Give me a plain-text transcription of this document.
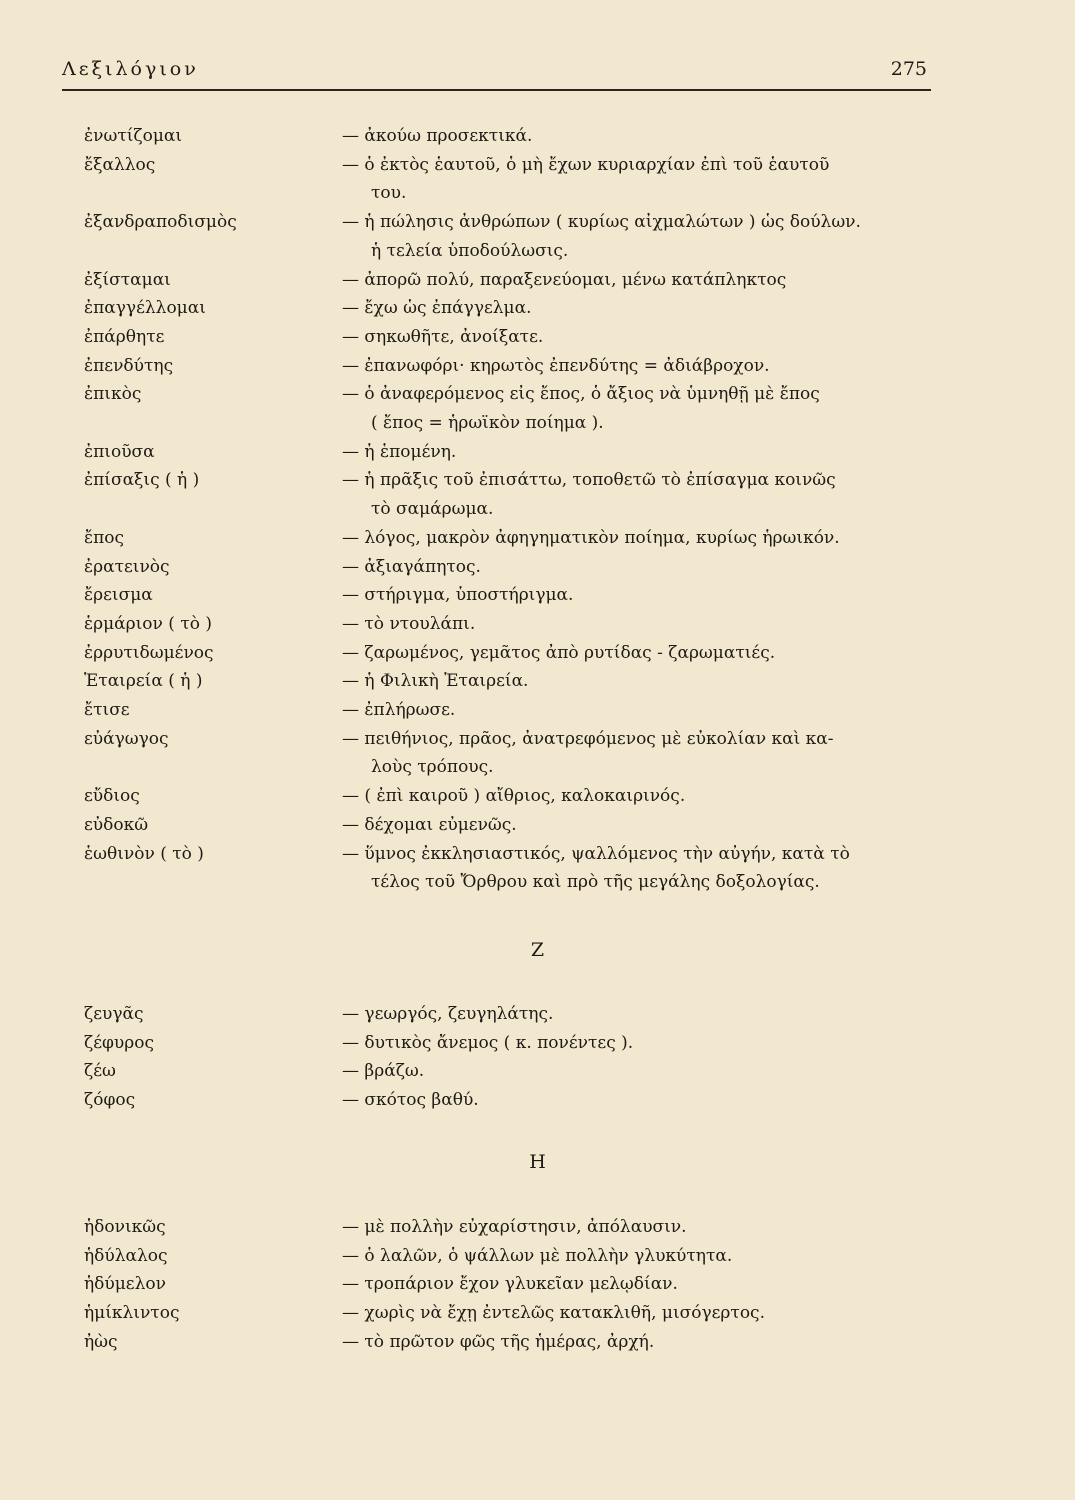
Λεξιλόγιον	275
ἐνωτίζομαι	— ἀκούω προσεκτικά.
ἔξαλλος	— ὁ ἐκτὸς ἑαυτοῦ, ὁ μὴ ἔχων κυριαρχίαν ἐπὶ τοῦ ἑαυτοῦ
του.
ἐξανδραποδισμὸς	— ἡ πώλησις ἀνθρώπων ( κυρίως αἰχμαλώτων ) ὡς δούλων.
ἡ τελεία ὑποδούλωσις.
ἐξίσταμαι	— ἀπορῶ πολύ, παραξενεύομαι, μένω κατάπληκτος
ἐπαγγέλλομαι	— ἔχω ὡς ἐπάγγελμα.
ἐπάρθητε	— σηκωθῆτε, ἀνοίξατε.
ἐπενδύτης	— ἐπανωφόρι· κηρωτὸς ἐπενδύτης = ἀδιάβροχον.
ἐπικὸς	— ὁ ἀναφερόμενος εἰς ἔπος, ὁ ἄξιος νὰ ὑμνηθῇ μὲ ἔπος
( ἔπος = ἡρωϊκὸν ποίημα ).
ἐπιοῦσα	— ἡ ἑπομένη.
ἐπίσαξις ( ἡ )	— ἡ πρᾶξις τοῦ ἐπισάττω, τοποθετῶ τὸ ἐπίσαγμα κοινῶς
τὸ σαμάρωμα.
ἔπος	— λόγος, μακρὸν ἀφηγηματικὸν ποίημα, κυρίως ἡρωικόν.
ἐρατεινὸς	— ἀξιαγάπητος.
ἔρεισμα	— στήριγμα, ὑποστήριγμα.
ἑρμάριον ( τὸ )	— τὸ ντουλάπι.
ἐρρυτιδωμένος	— ζαρωμένος, γεμᾶτος ἀπὸ ρυτίδας - ζαρωματιές.
Ἑταιρεία ( ἡ )	— ἡ Φιλικὴ Ἑταιρεία.
ἔτισε	— ἐπλήρωσε.
εὐάγωγος	— πειθήνιος, πρᾶος, ἀνατρεφόμενος μὲ εὐκολίαν καὶ κα-
λοὺς τρόπους.
εὔδιος	— ( ἐπὶ καιροῦ ) αἴθριος, καλοκαιρινός.
εὐδοκῶ	— δέχομαι εὐμενῶς.
ἑωθινὸν ( τὸ )	— ὕμνος ἐκκλησιαστικός, ψαλλόμενος τὴν αὐγήν, κατὰ τὸ
τέλος τοῦ Ὄρθρου καὶ πρὸ τῆς μεγάλης δοξολογίας.
Ζ
ζευγᾶς	— γεωργός, ζευγηλάτης.
ζέφυρος	— δυτικὸς ἄνεμος ( κ. πονέντες ).
ζέω	— βράζω.
ζόφος	— σκότος βαθύ.
Η
ἡδονικῶς	— μὲ πολλὴν εὐχαρίστησιν, ἀπόλαυσιν.
ἡδύλαλος	— ὁ λαλῶν, ὁ ψάλλων μὲ πολλὴν γλυκύτητα.
ἡδύμελον	— τροπάριον ἔχον γλυκεῖαν μελῳδίαν.
ἡμίκλιντος	— χωρὶς νὰ ἔχῃ ἐντελῶς κατακλιθῆ, μισόγερτος.
ἠὼς	— τὸ πρῶτον φῶς τῆς ἡμέρας, ἀρχή.
